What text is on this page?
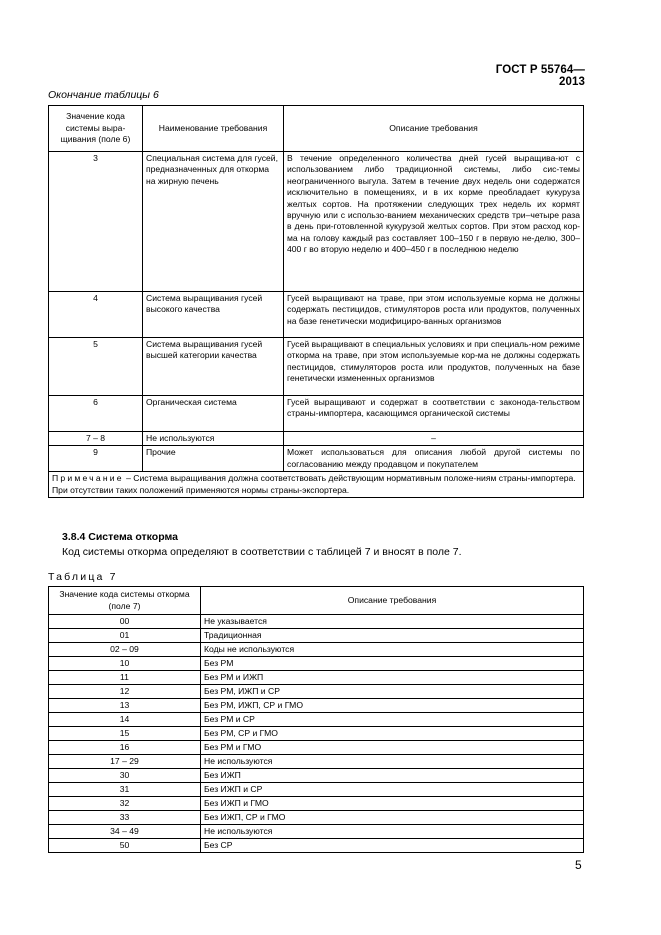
ГОСТ Р 55764—2013
Окончание таблицы 6
Значение кода системы выра-щивания (поле 6)	Наименование требования	Описание требования
3	Специальная система для гусей, предназначенных для откорма на жирную печень	В течение определенного количества дней гусей выращива-ют с использованием либо традиционной системы, либо сис-темы неограниченного выгула. Затем в течение двух недель они содержатся исключительно в помещениях, и в их корме преобладает кукуруза желтых сортов. На протяжении следующих трех недель их кормят вручную или с использо-ванием механических средств три–четыре раза в день при-готовленной кукурузой желтых сортов. При этом расход кор-ма на голову каждый раз составляет 100–150 г в первую не-делю, 300–400 г во вторую неделю и 400–450 г в последнюю неделю
4	Система выращивания гусей высокого качества	Гусей выращивают на траве, при этом используемые корма не должны содержать пестицидов, стимуляторов роста или продуктов, полученных на базе генетически модифициро-ванных организмов
5	Система выращивания гусей высшей категории качества	Гусей выращивают в специальных условиях и при специаль-ном режиме откорма на траве, при этом используемые кор-ма не должны содержать пестицидов, стимуляторов роста или продуктов, полученных на базе генетически измененных организмов
6	Органическая система	Гусей выращивают и содержат в соответствии с законода-тельством страны-импортера, касающимся органической системы
7 – 8	Не используются	–
9	Прочие	Может использоваться для описания любой другой системы по согласованию между продавцом и покупателем
Примечание – Система выращивания должна соответствовать действующим нормативным положе-ниям страны-импортера. При отсутствии таких положений применяются нормы страны-экспортера.		
3.8.4 Система откорма
Код системы откорма определяют в соответствии с таблицей 7 и вносят в поле 7.
Таблица 7
Значение кода системы откорма (поле 7)	Описание требования
00	Не указывается
01	Традиционная
02 – 09	Коды не используются
10	Без РМ
11	Без РМ и ИЖП
12	Без РМ, ИЖП и СР
13	Без РМ, ИЖП, СР и ГМО
14	Без РМ и СР
15	Без РМ, СР и ГМО
16	Без РМ и ГМО
17 – 29	Не используются
30	Без ИЖП
31	Без ИЖП и СР
32	Без ИЖП и ГМО
33	Без ИЖП, СР и ГМО
34 – 49	Не используются
50	Без СР
5
